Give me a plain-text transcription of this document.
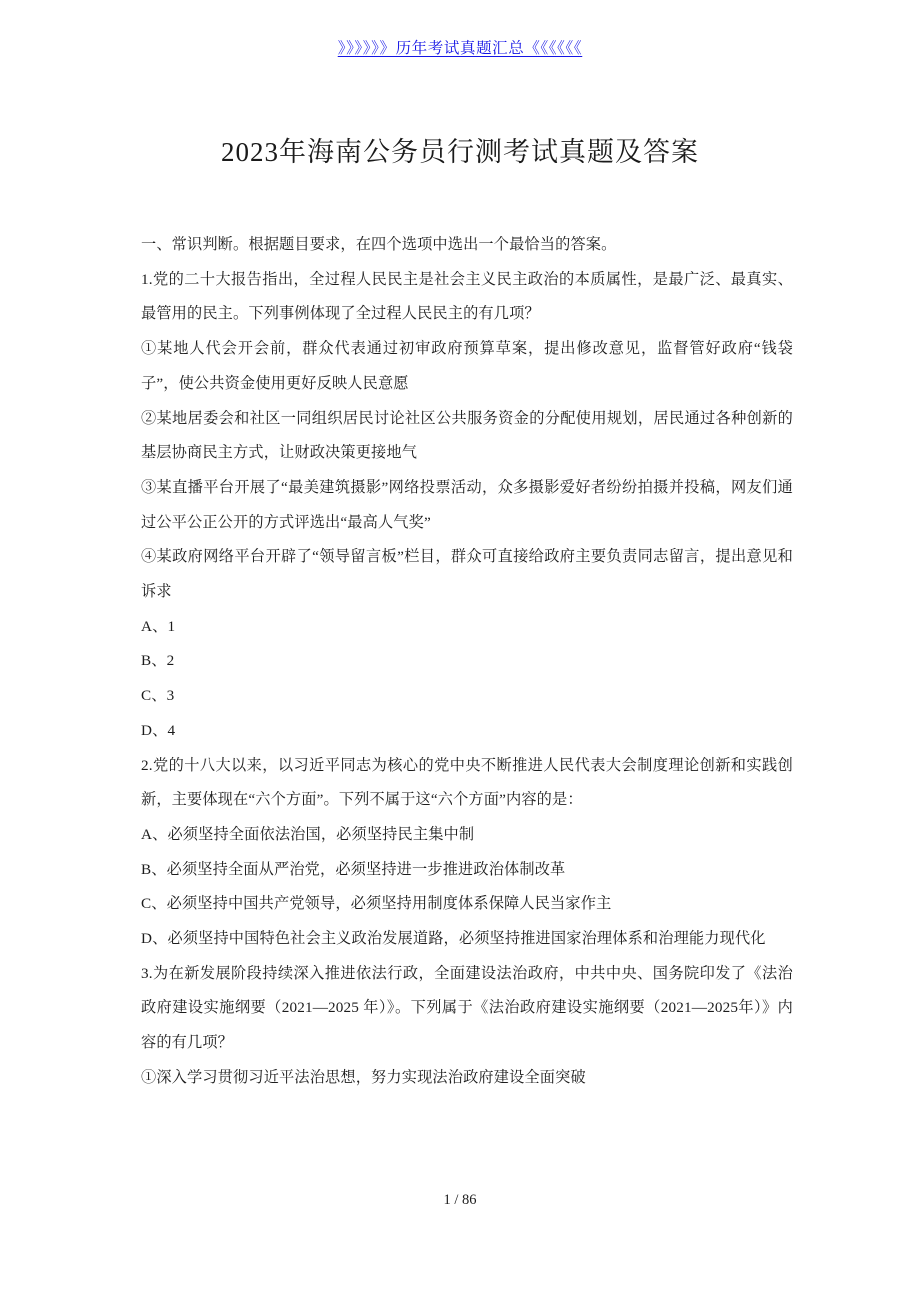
》》》》》》历年考试真题汇总《《《《《《
2023年海南公务员行测考试真题及答案

一、常识判断。根据题目要求，在四个选项中选出一个最恰当的答案。

1.党的二十大报告指出，全过程人民民主是社会主义民主政治的本质属性，是最广泛、最真实、最管用的民主。下列事例体现了全过程人民民主的有几项？

①某地人代会开会前，群众代表通过初审政府预算草案，提出修改意见，监督管好政府“钱袋子”，使公共资金使用更好反映人民意愿

②某地居委会和社区一同组织居民讨论社区公共服务资金的分配使用规划，居民通过各种创新的基层协商民主方式，让财政决策更接地气

③某直播平台开展了“最美建筑摄影”网络投票活动，众多摄影爱好者纷纷拍摄并投稿，网友们通过公平公正公开的方式评选出“最高人气奖”

④某政府网络平台开辟了“领导留言板”栏目，群众可直接给政府主要负责同志留言，提出意见和诉求

A、1

B、2

C、3

D、4

2.党的十八大以来，以习近平同志为核心的党中央不断推进人民代表大会制度理论创新和实践创新，主要体现在“六个方面”。下列不属于这“六个方面”内容的是：

A、必须坚持全面依法治国，必须坚持民主集中制

B、必须坚持全面从严治党，必须坚持进一步推进政治体制改革

C、必须坚持中国共产党领导，必须坚持用制度体系保障人民当家作主

D、必须坚持中国特色社会主义政治发展道路，必须坚持推进国家治理体系和治理能力现代化

3.为在新发展阶段持续深入推进依法行政，全面建设法治政府，中共中央、国务院印发了《法治政府建设实施纲要（2021—2025 年）》。下列属于《法治政府建设实施纲要（2021—2025年）》内容的有几项？

①深入学习贯彻习近平法治思想，努力实现法治政府建设全面突破

1 / 86
